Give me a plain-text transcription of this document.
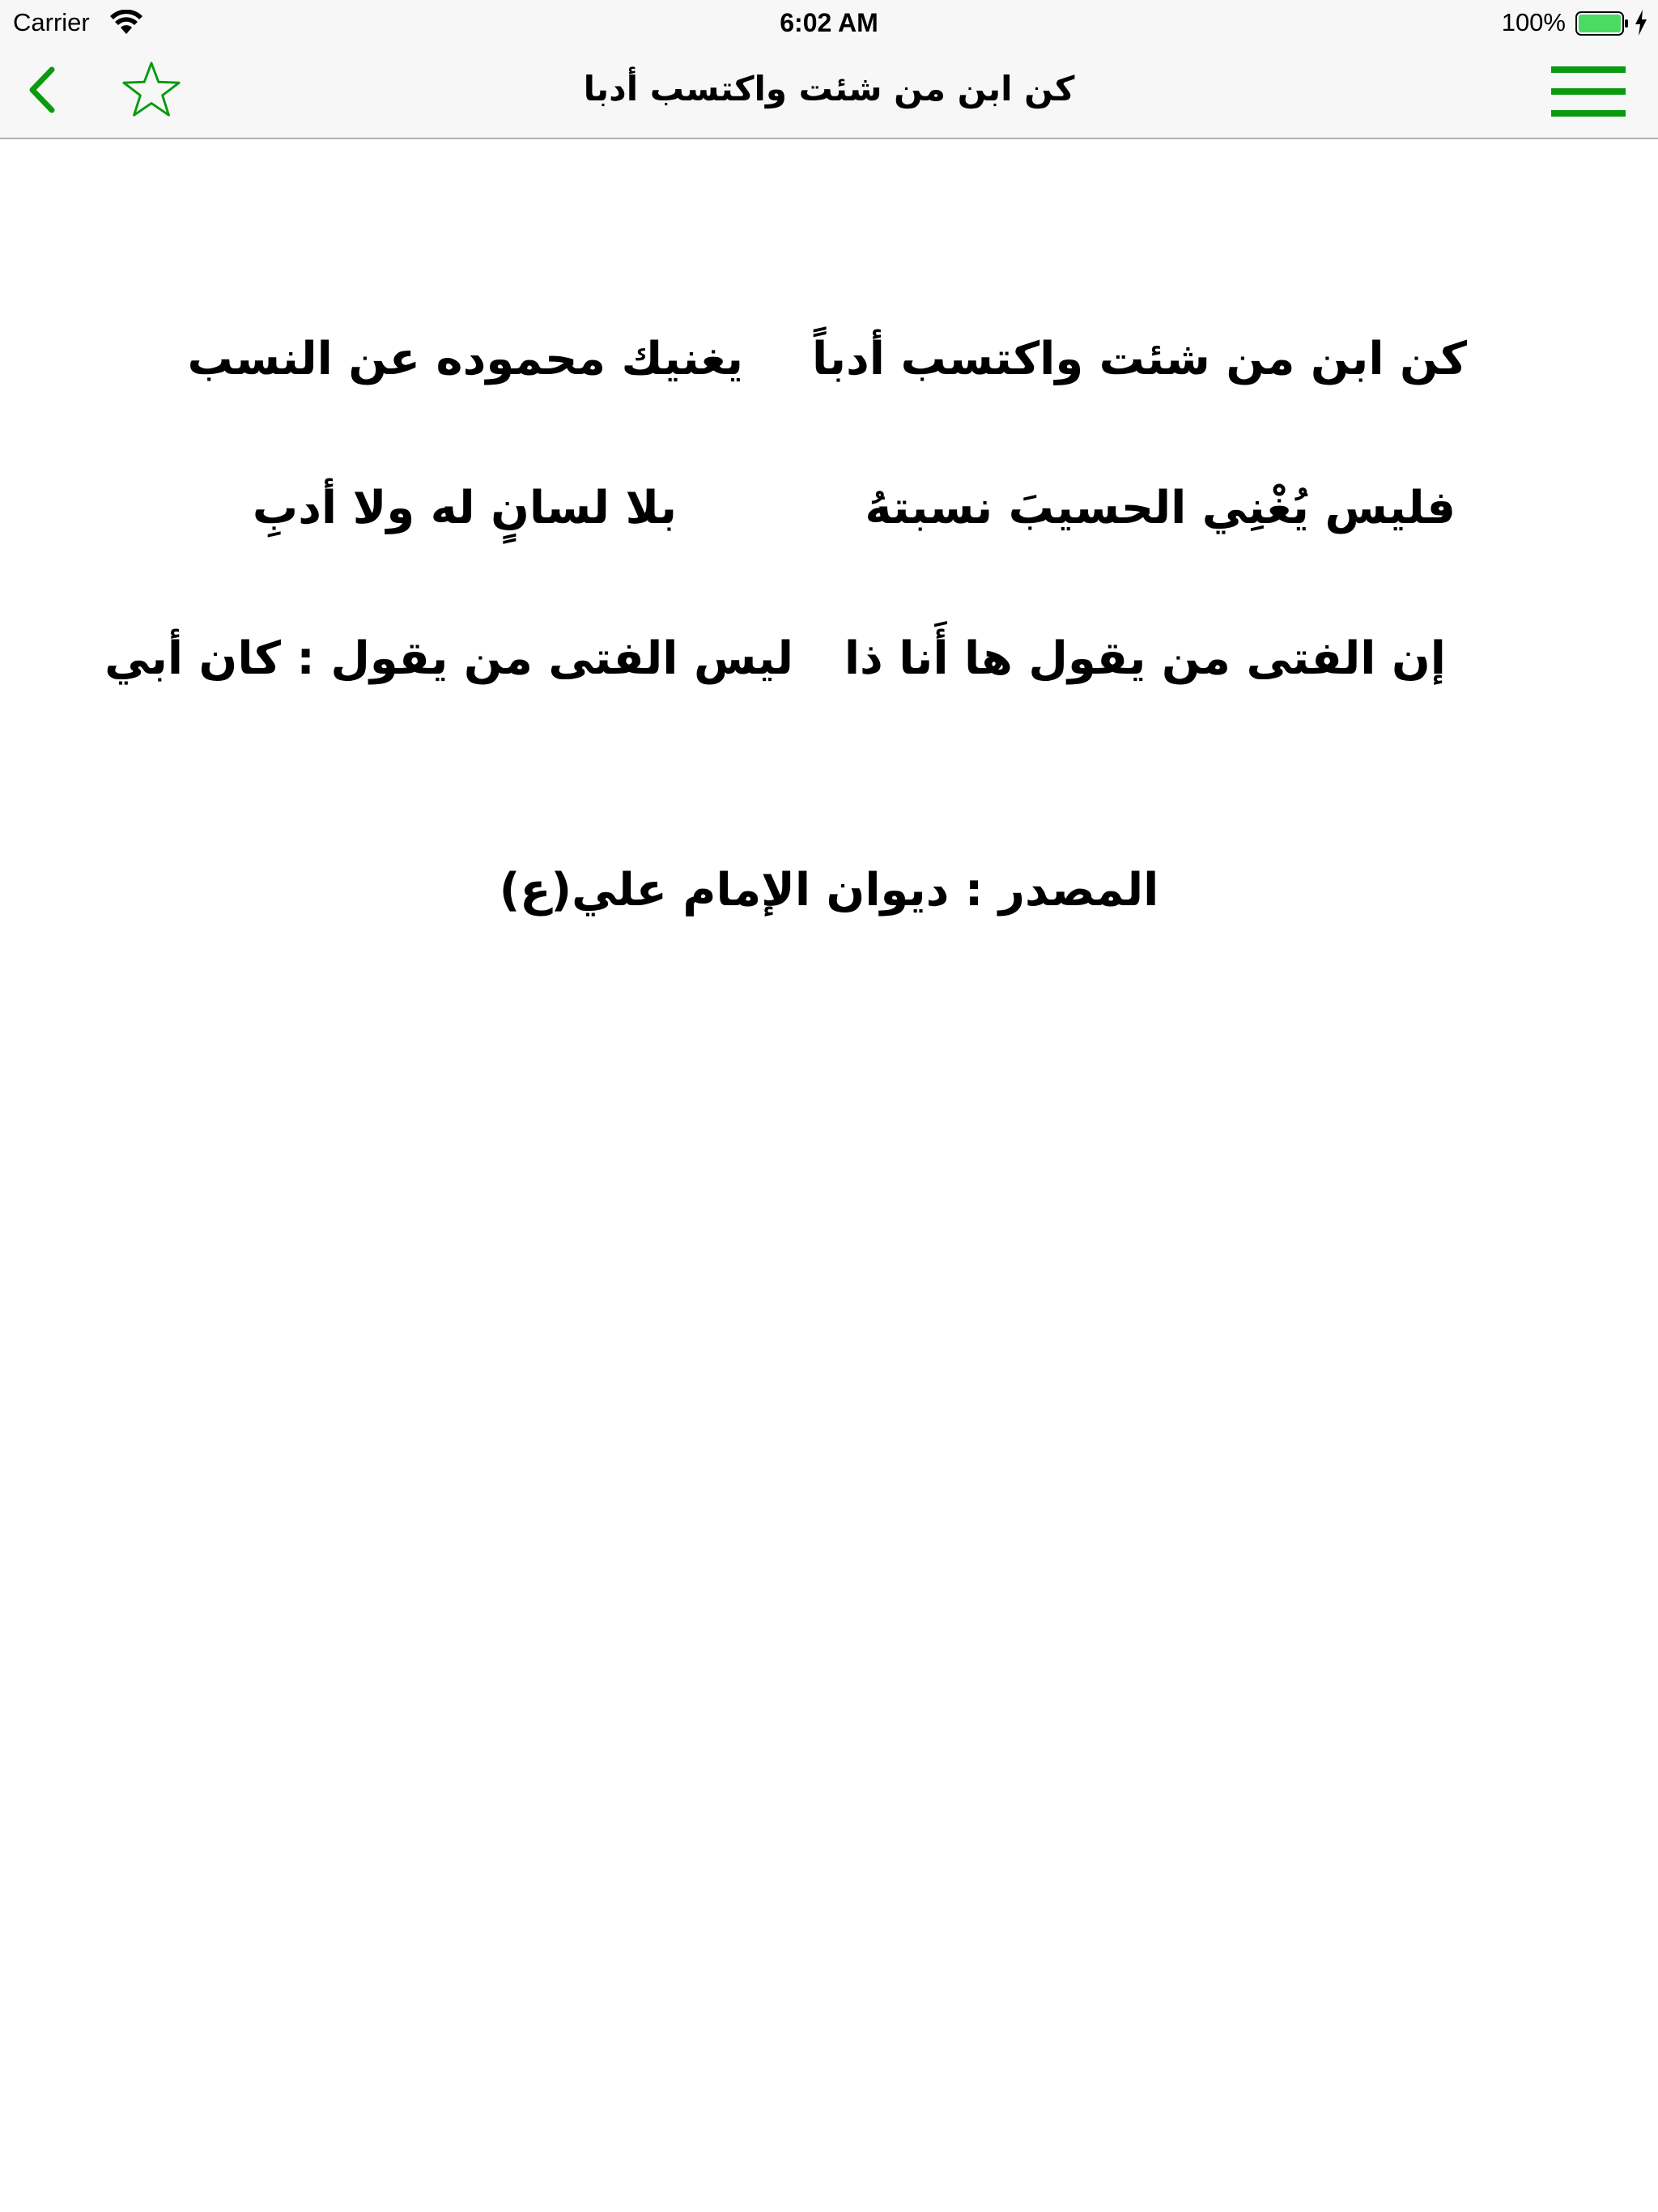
Carrier	6:02 AM	100%
كن ابن من شئت واكتسب أدبا
كن ابن من شئت واكتسب أدباً
يغنيك محموده عن النسب
فليس يُغْنِي الحسيبَ نسبتهُ
بلا لسانٍ له ولا أدبِ
إن الفتى من يقول ها أَنا ذا
ليس الفتى من يقول : كان أبي
المصدر : ديوان الإمام علي(ع)
